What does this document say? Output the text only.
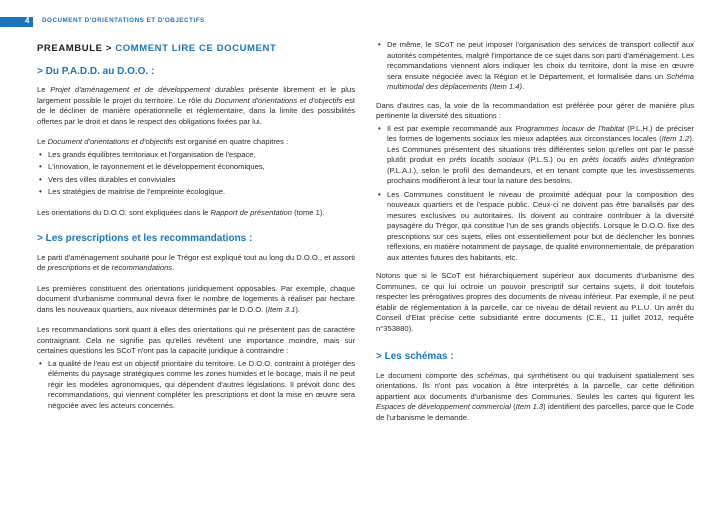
4 DOCUMENT D'ORIENTATIONS ET D'OBJECTIFS
PREAMBULE > COMMENT LIRE CE DOCUMENT
> Du P.A.D.D. au D.O.O. :

Le Projet d'aménagement et de développement durables présente librement et le plus largement possible le projet du territoire. Le rôle du Document d'orientations et d'objectifs est de le décliner de manière opérationnelle et réglementaire, dans la limite des possibilités offertes par le droit et dans le respect des obligations fixées par lui.

Le Document d'orientations et d'objectifs est organisé en quatre chapitres :

• Les grands équilibres territoriaux et l'organisation de l'espace,
• L'innovation, le rayonnement et le développement économiques,
• Vers des villes durables et conviviales
• Les stratégies de maitrise de l'empreinte écologique.

Les orientations du D.O.O. sont expliquées dans le Rapport de présentation (tome 1).

> Les prescriptions et les recommandations :

Le parti d'aménagement souhaité pour le Trégor est expliqué tout au long du D.O.O., et assorti de prescriptions et de recommandations.

Les premières constituent des orientations juridiquement opposables. Par exemple, chaque document d'urbanisme communal devra fixer le nombre de logements à réaliser par hectare dans les nouveaux quartiers, aux niveaux déterminés par le D.O.O. (Item 3.1).

Les recommandations sont quant à elles des orientations qui ne présentent pas de caractère contraignant. Cela ne signifie pas qu'elles revêtent une importance moindre, mais sur certaines questions les SCoT n'ont pas la capacité juridique à contraindre :

• La qualité de l'eau est un objectif prioritaire du territoire. Le D.O.O. contraint à protéger des éléments du paysage stratégiques comme les zones humides et le bocage, mais il ne peut régir les modèles agronomiques, qui dépendent d'autres législations. Il prévoit donc des recommandations, qui viennent compléter les prescriptions et dont la mise en œuvre sera négociée avec les acteurs concernés.
• De même, le SCoT ne peut imposer l'organisation des services de transport collectif aux autorités compétentes, malgré l'importance de ce sujet dans son parti d'aménagement. Les recommandations viennent alors indiquer les choix du territoire, dont la mise en œuvre sera ensuite négociée avec la Région et le Département, et formalisée dans un Schéma multimodal des déplacements (Item 1.4).

Dans d'autres cas, la voie de la recommandation est préférée pour gérer de manière plus pertinente la diversité des situations :

• Il est par exemple recommandé aux Programmes locaux de l'habitat (P.L.H.) de préciser les formes de logements sociaux les mieux adaptées aux circonstances locales (Item 1.2). Les Communes présentent des situations très différentes selon qu'elles ont par le passé plutôt produit en prêts locatifs sociaux (P.L.S.) ou en prêts locatifs aidés d'intégration (P.L.A.I.), selon le profil des demandeurs, et en tenant compte que les investissements prochains modifieront à leur tour la nature des besoins.
• Les Communes constituent le niveau de proximité adéquat pour la composition des nouveaux quartiers et de l'espace public. Ceux-ci ne doivent pas être banalisés par des mesures exclusives ou autoritaires. Ils doivent au contraire contribuer à la diversité paysagère du Trégor, qui constitue l'un de ses grands objectifs. Lorsque le D.O.O. fixe des prescriptions sur ces sujets, elles ont essentiellement pour but de déclencher les bonnes réflexions, en matière notamment de paysage, de qualité environnementale, de préparation aux attentes futures des habitants, etc.

Notons que si le SCoT est hiérarchiquement supérieur aux documents d'urbanisme des Communes, ce qui lui octroie un pouvoir prescriptif sur certains sujets, il doit toutefois respecter les prérogatives propres des documents de niveau inférieur. Par exemple, il ne peut établir de réglementation à la parcelle, car ce niveau de détail revient au P.L.U. Un arrêt du Conseil d'Etat précise cette subsidiarité entre documents (C.E., 11 juillet 2012, requête n°353880).

> Les schémas :

Le document comporte des schémas, qui synthétisent ou qui traduisent spatialement ses orientations. Ils n'ont pas vocation à être interprétés à la parcelle, car cette définition appartient aux documents d'urbanisme des Communes. Seules les cartes qui figurent les Espaces de développement commercial (Item 1.3) identifient des parcelles, parce que le Code de l'urbanisme le demande.
